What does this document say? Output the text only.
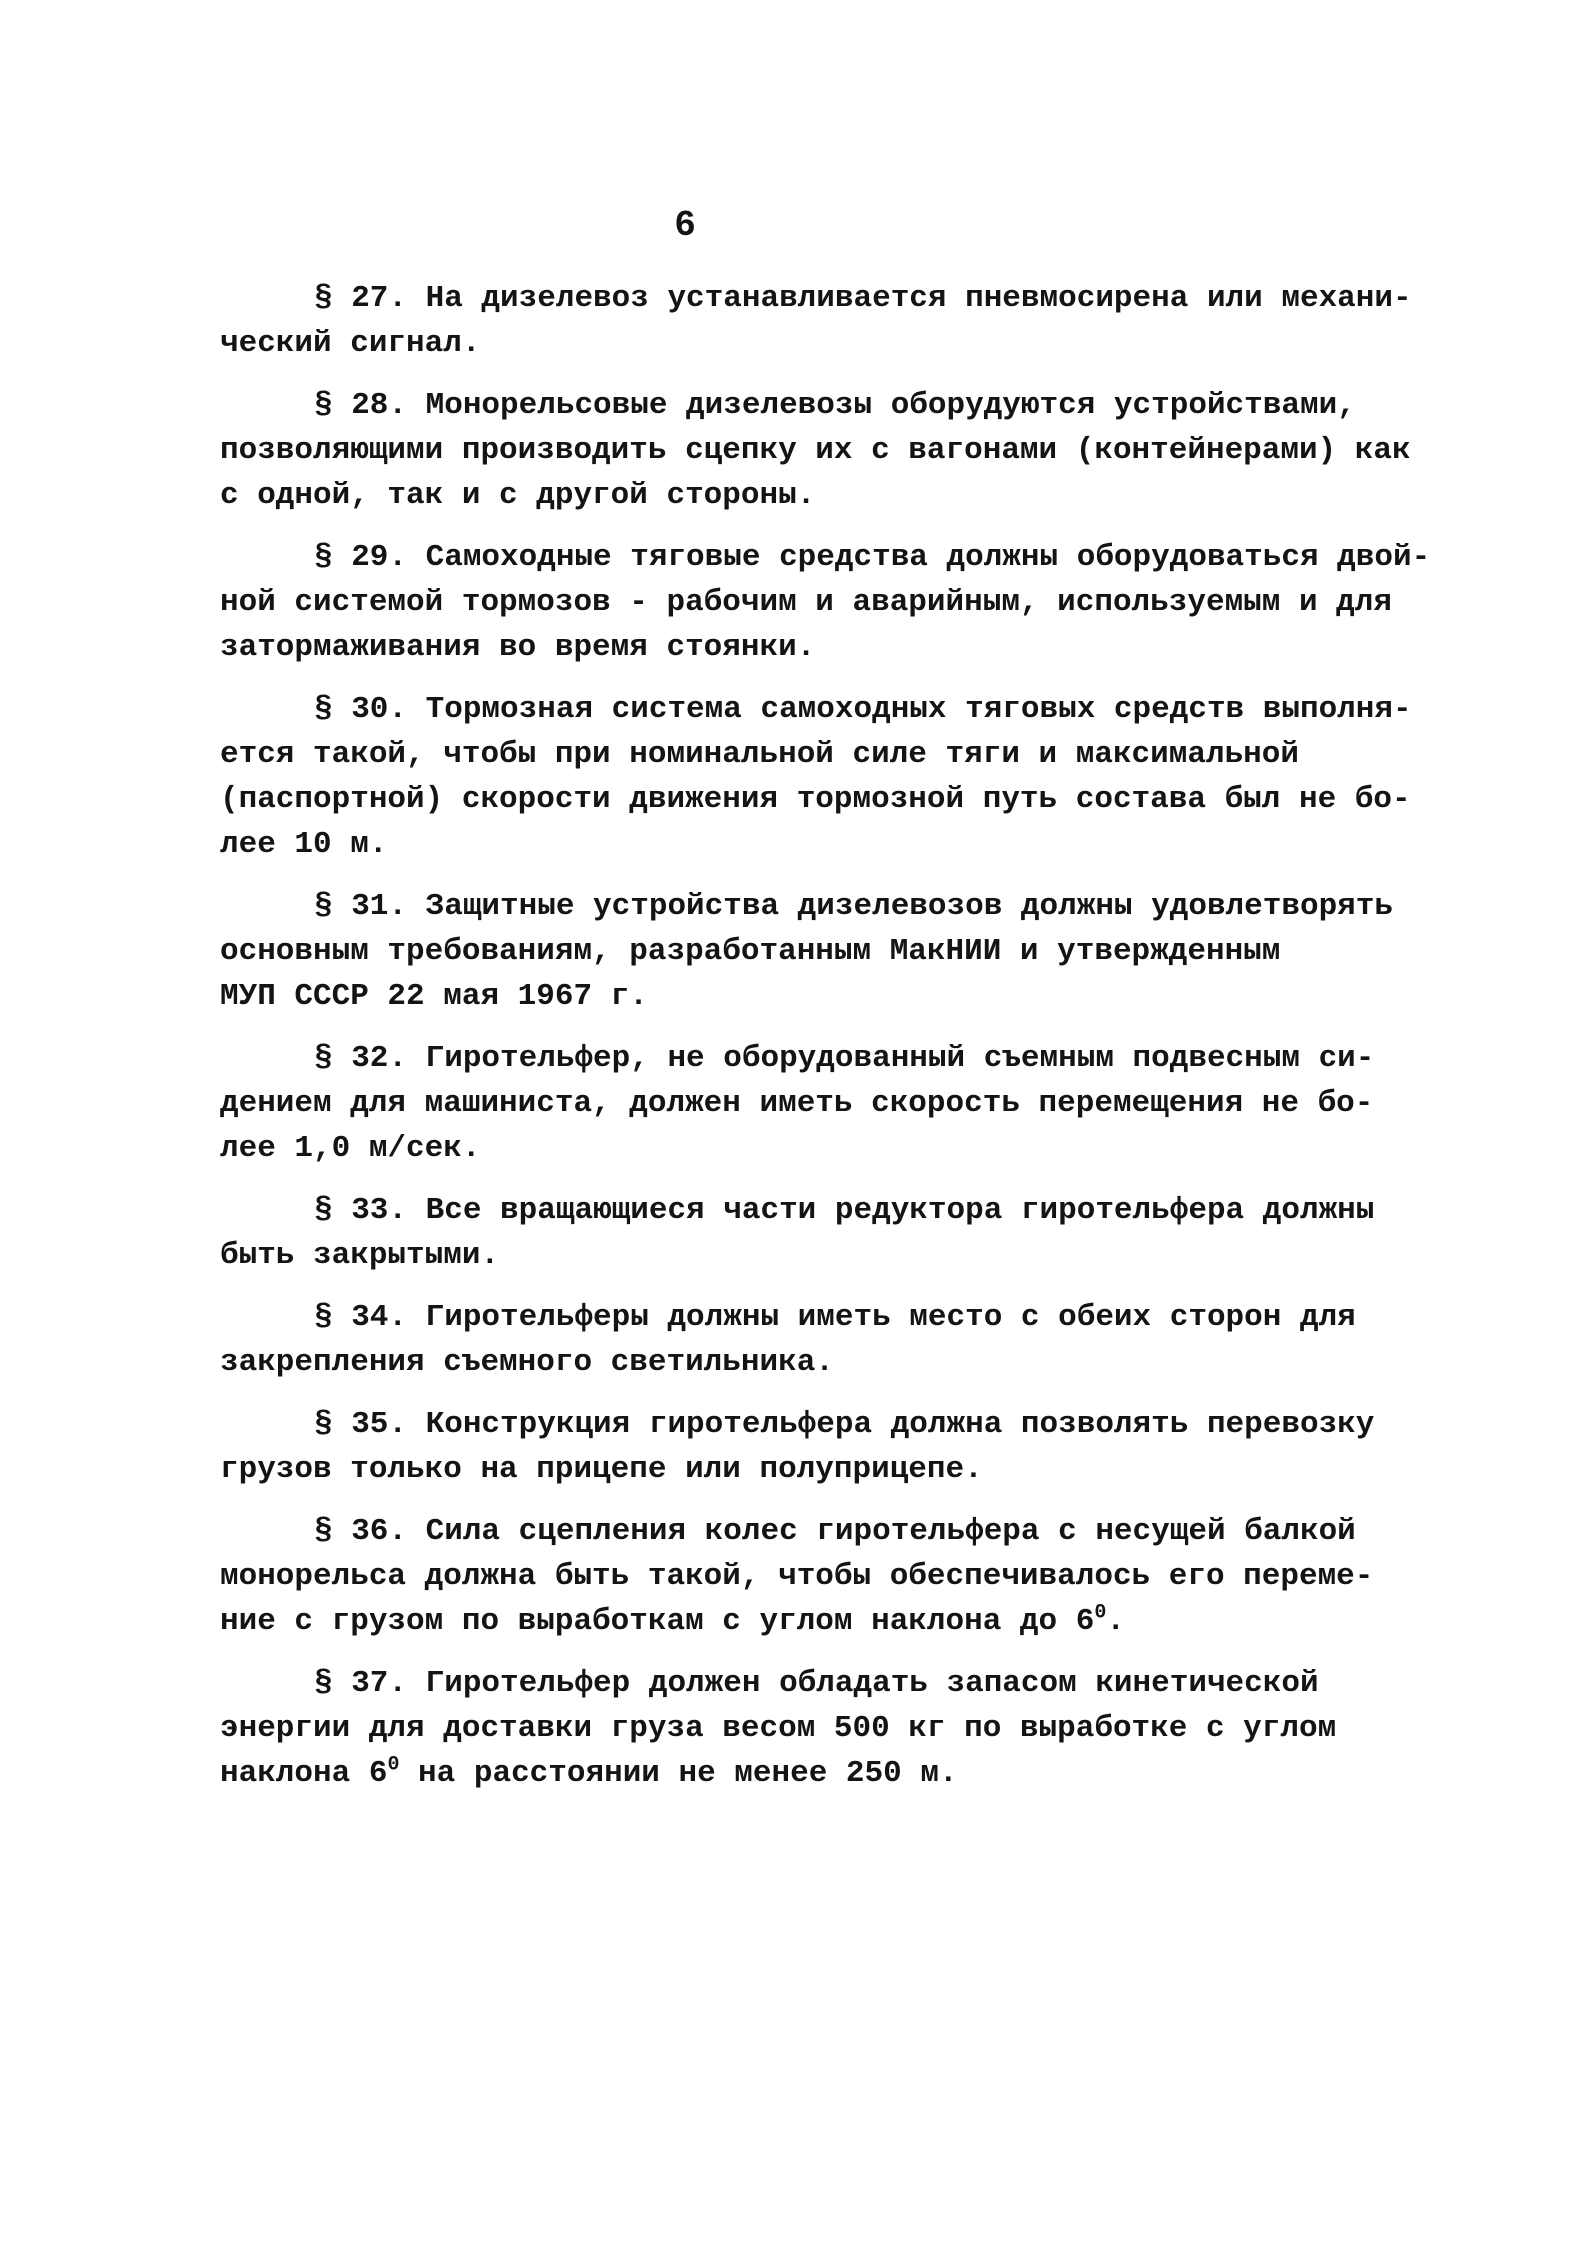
6

§ 27. На дизелевоз устанавливается пневмосирена или механи-
ческий сигнал.

§ 28. Монорельсовые дизелевозы оборудуются устройствами,
позволяющими производить сцепку их с вагонами (контейнерами) как
с одной, так и с другой стороны.

§ 29. Самоходные тяговые средства должны оборудоваться двой-
ной системой тормозов - рабочим и аварийным, используемым и для
затормаживания во время стоянки.

§ 30. Тормозная система самоходных тяговых средств выполня-
ется такой, чтобы при номинальной силе тяги и максимальной
(паспортной) скорости движения тормозной путь состава был не бо-
лее 10 м.

§ 31. Защитные устройства дизелевозов должны удовлетворять
основным требованиям, разработанным МакНИИ и утвержденным
МУП СССР 22 мая 1967 г.

§ 32. Гиротельфер, не оборудованный съемным подвесным си-
дением для машиниста, должен иметь скорость перемещения не бо-
лее 1,0 м/сек.

§ 33. Все вращающиеся части редуктора гиротельфера должны
быть закрытыми.

§ 34. Гиротельферы должны иметь место с обеих сторон для
закрепления съемного светильника.

§ 35. Конструкция гиротельфера должна позволять перевозку
грузов только на прицепе или полуприцепе.

§ 36. Сила сцепления колес гиротельфера с несущей балкой
монорельса должна быть такой, чтобы обеспечивалось его переме-
ние с грузом по выработкам с углом наклона до $6^0$.

§ 37. Гиротельфер должен обладать запасом кинетической
энергии для доставки груза весом 500 кг по выработке с углом
наклона $6^0$ на расстоянии не менее 250 м.
